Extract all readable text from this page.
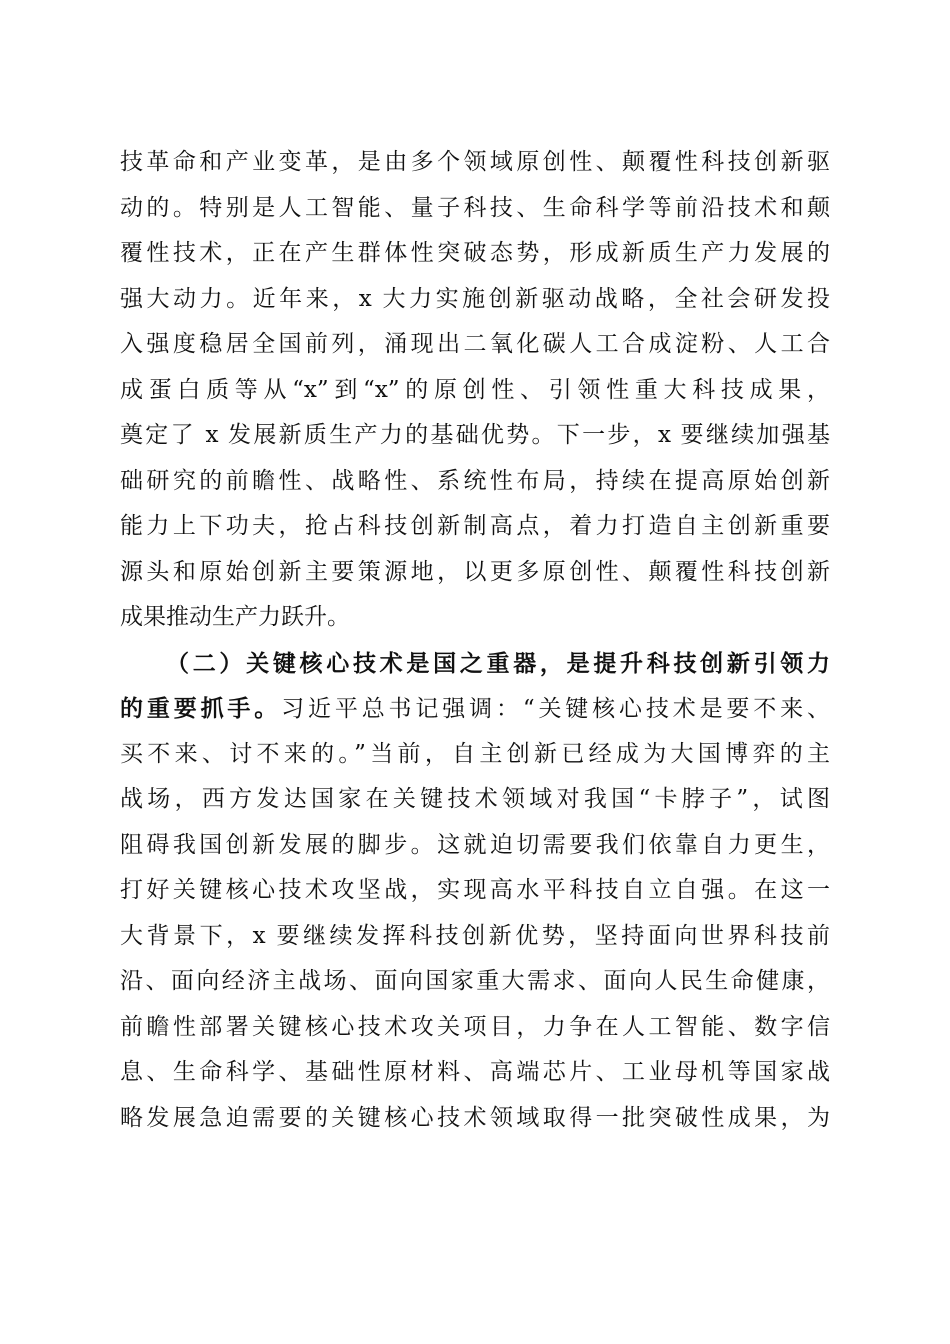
技革命和产业变革，是由多个领域原创性、颠覆性科技创新驱
动的。特别是人工智能、量子科技、生命科学等前沿技术和颠
覆性技术，正在产生群体性突破态势，形成新质生产力发展的
强大动力。近年来，x 大力实施创新驱动战略，全社会研发投
入强度稳居全国前列，涌现出二氧化碳人工合成淀粉、人工合
成蛋白质等从“x”到“x”的原创性、引领性重大科技成果，
奠定了 x 发展新质生产力的基础优势。下一步，x 要继续加强基
础研究的前瞻性、战略性、系统性布局，持续在提高原始创新
能力上下功夫，抢占科技创新制高点，着力打造自主创新重要
源头和原始创新主要策源地，以更多原创性、颠覆性科技创新
成果推动生产力跃升。
（二）关键核心技术是国之重器，是提升科技创新引领力
的重要抓手。习近平总书记强调：“关键核心技术是要不来、
买不来、讨不来的。”当前，自主创新已经成为大国博弈的主
战场，西方发达国家在关键技术领域对我国“卡脖子”，试图
阻碍我国创新发展的脚步。这就迫切需要我们依靠自力更生，
打好关键核心技术攻坚战，实现高水平科技自立自强。在这一
大背景下，x 要继续发挥科技创新优势，坚持面向世界科技前
沿、面向经济主战场、面向国家重大需求、面向人民生命健康，
前瞻性部署关键核心技术攻关项目，力争在人工智能、数字信
息、生命科学、基础性原材料、高端芯片、工业母机等国家战
略发展急迫需要的关键核心技术领域取得一批突破性成果，为
